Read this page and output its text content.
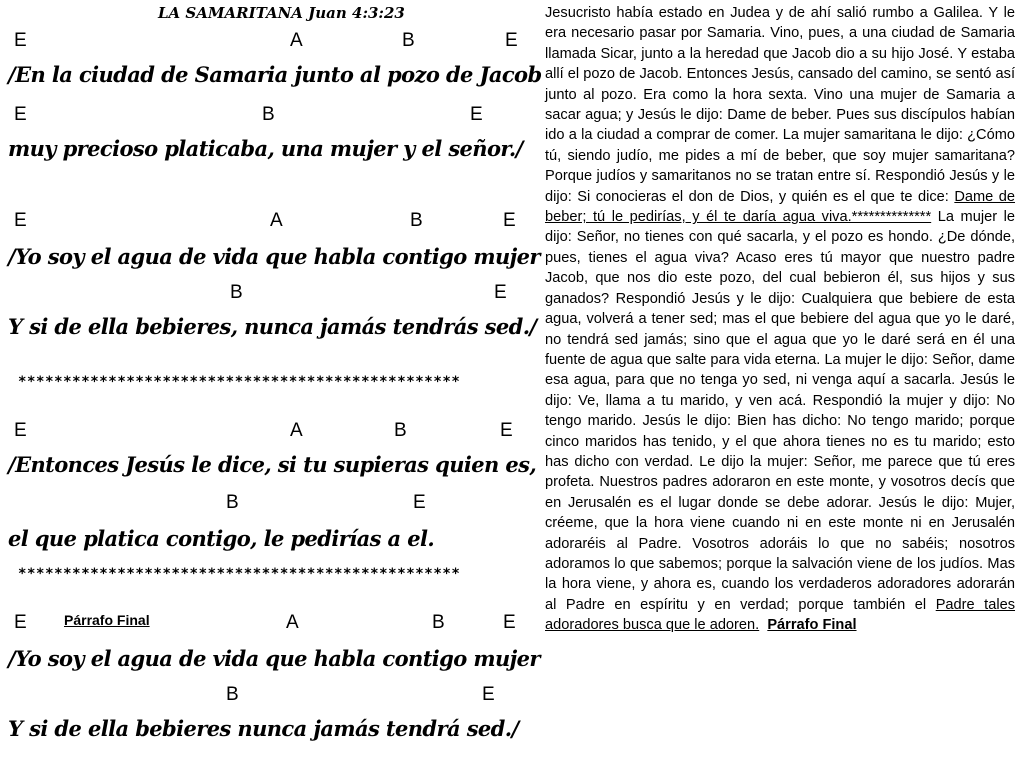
LA SAMARITANA Juan 4:3:23
E	A	B	E
/En la ciudad de Samaria junto al pozo de Jacob
E	B	E
muy precioso platicaba, una mujer y el señor./
E	A	B	E
/Yo soy el agua de vida que habla contigo mujer
B	E
Y si de ella bebieres, nunca jamás tendrás sed./
*************************************************
E	A	B	E
/Entonces Jesús le dice, si tu supieras quien es,
B	E
el que platica contigo, le pedirías a el.
*************************************************
E	A	B	E
Párrafo Final
/Yo soy el agua de vida que habla contigo mujer
B	E
Y si de ella bebieres nunca jamás tendrá sed./

Jesucristo había estado en Judea y de ahí salió rumbo a Galilea. Y le era necesario pasar por Samaria. Vino, pues, a una ciudad de Samaria llamada Sicar, junto a la heredad que Jacob dio a su hijo José. Y estaba allí el pozo de Jacob. Entonces Jesús, cansado del camino, se sentó así junto al pozo. Era como la hora sexta. Vino una mujer de Samaria a sacar agua; y Jesús le dijo: Dame de beber. Pues sus discípulos habían ido a la ciudad a comprar de comer. La mujer samaritana le dijo: ¿Cómo tú, siendo judío, me pides a mí de beber, que soy mujer samaritana? Porque judíos y samaritanos no se tratan entre sí. Respondió Jesús y le dijo: Si conocieras el don de Dios, y quién es el que te dice: Dame de beber; tú le pedirías, y él te daría agua viva.************** La mujer le dijo: Señor, no tienes con qué sacarla, y el pozo es hondo. ¿De dónde, pues, tienes el agua viva? Acaso eres tú mayor que nuestro padre Jacob, que nos dio este pozo, del cual bebieron él, sus hijos y sus ganados? Respondió Jesús y le dijo: Cualquiera que bebiere de esta agua, volverá a tener sed; mas el que bebiere del agua que yo le daré, no tendrá sed jamás; sino que el agua que yo le daré será en él una fuente de agua que salte para vida eterna. La mujer le dijo: Señor, dame esa agua, para que no tenga yo sed, ni venga aquí a sacarla. Jesús le dijo: Ve, llama a tu marido, y ven acá. Respondió la mujer y dijo: No tengo marido. Jesús le dijo: Bien has dicho: No tengo marido; porque cinco maridos has tenido, y el que ahora tienes no es tu marido; esto has dicho con verdad. Le dijo la mujer: Señor, me parece que tú eres profeta. Nuestros padres adoraron en este monte, y vosotros decís que en Jerusalén es el lugar donde se debe adorar. Jesús le dijo: Mujer, créeme, que la hora viene cuando ni en este monte ni en Jerusalén adoraréis al Padre. Vosotros adoráis lo que no sabéis; nosotros adoramos lo que sabemos; porque la salvación viene de los judíos. Mas la hora viene, y ahora es, cuando los verdaderos adoradores adorarán al Padre en espíritu y en verdad; porque también el Padre tales adoradores busca que le adoren. Párrafo Final
